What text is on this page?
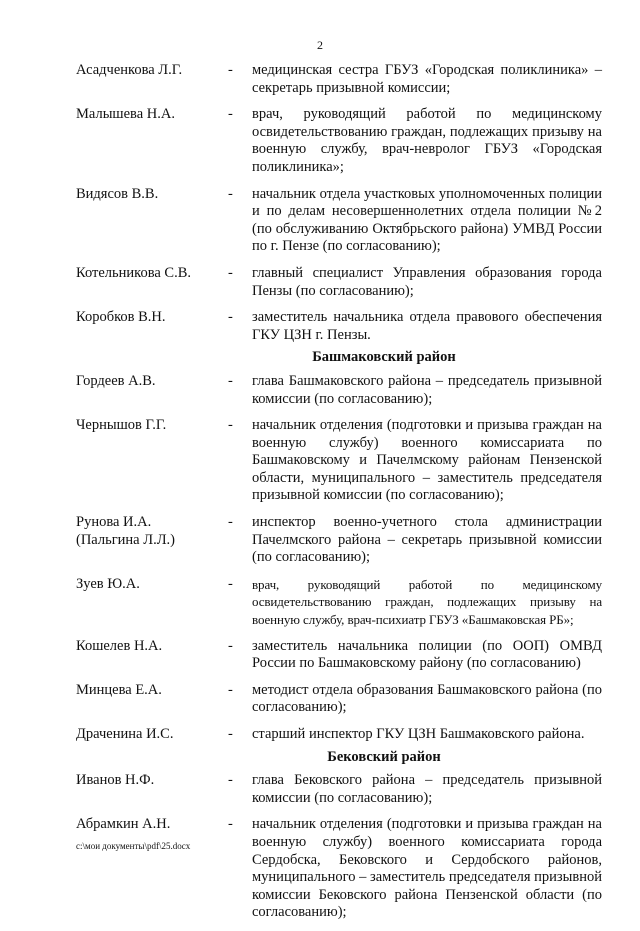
2
Асадченкова Л.Г.	-	медицинская сестра ГБУЗ «Городская поликлиника» – секретарь призывной комиссии;
Малышева Н.А.	-	врач, руководящий работой по медицинскому освидетельствованию граждан, подлежащих призыву на военную службу, врач-невролог ГБУЗ «Городская поликлиника»;
Видясов В.В.	-	начальник отдела участковых уполномоченных полиции и по делам несовершеннолетних отдела полиции №2 (по обслуживанию Октябрьского района) УМВД России по г. Пензе (по согласованию);
Котельникова С.В.	-	главный специалист Управления образования города Пензы (по согласованию);
Коробков В.Н.	-	заместитель начальника отдела правового обеспечения ГКУ ЦЗН г. Пензы.
Башмаковский район
Гордеев А.В.	-	глава Башмаковского района – председатель призывной комиссии (по согласованию);
Чернышов Г.Г.	-	начальник отделения (подготовки и призыва граждан на военную службу) военного комиссариата по Башмаковскому и Пачелмскому районам Пензенской области, муниципального – заместитель председателя призывной комиссии (по согласованию);
Рунова И.А.
(Пальгина Л.Л.)
-	инспектор военно-учетного стола администрации Пачелмского района – секретарь призывной комиссии (по согласованию);
Зуев Ю.А.	-	врач, руководящий работой по медицинскому освидетельствованию граждан, подлежащих призыву на военную службу, врач-психиатр ГБУЗ «Башмаковская РБ»;
Кошелев Н.А.	-	заместитель начальника полиции (по ООП) ОМВД России по Башмаковскому району (по согласованию)
Минцева Е.А.	-	методист отдела образования Башмаковского района (по согласованию);
Драченина И.С.	-	старший инспектор ГКУ ЦЗН Башмаковского района.
Бековский район
Иванов Н.Ф.	-	глава Бековского района – председатель призывной комиссии (по согласованию);
Абрамкин А.Н.	-	начальник отделения (подготовки и призыва граждан на военную службу) военного комиссариата города Сердобска, Бековского и Сердобского районов, муниципального – заместитель председателя призывной комиссии Бековского района Пензенской области (по согласованию);
c:\мои документы\pdf\25.docx
